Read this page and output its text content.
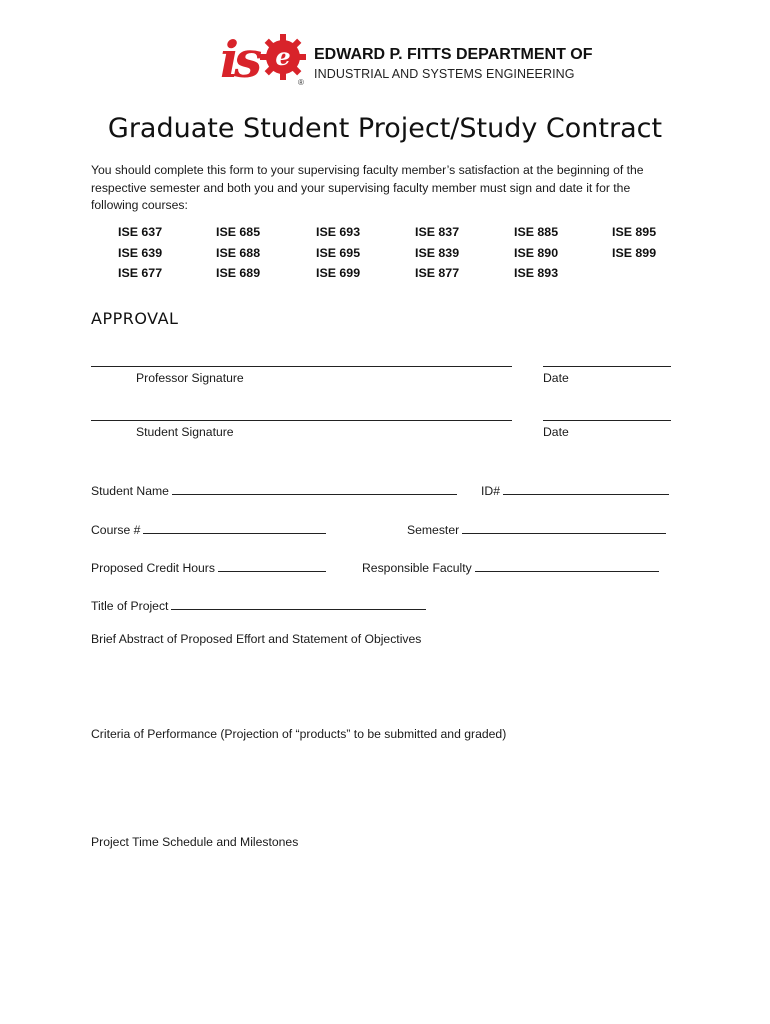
e
is	®
EDWARD P. FITTS DEPARTMENT OF
INDUSTRIAL AND SYSTEMS ENGINEERING
Graduate Student Project/Study Contract
You should complete this form to your supervising faculty member’s satisfaction at the beginning of the respective semester and both you and your supervising faculty member must sign and date it for the following courses:
ISE 637	ISE 685	ISE 693	ISE 837	ISE 885	ISE 895
ISE 639	ISE 688	ISE 695	ISE 839	ISE 890	ISE 899
ISE 677	ISE 689	ISE 699	ISE 877	ISE 893
APPROVAL
Professor Signature	Date
Student Signature	Date
Student Name	ID#
Course #	Semester
Proposed Credit Hours	Responsible Faculty
Title of Project
Brief Abstract of Proposed Effort and Statement of Objectives
Criteria of Performance (Projection of “products” to be submitted and graded)
Project Time Schedule and Milestones
